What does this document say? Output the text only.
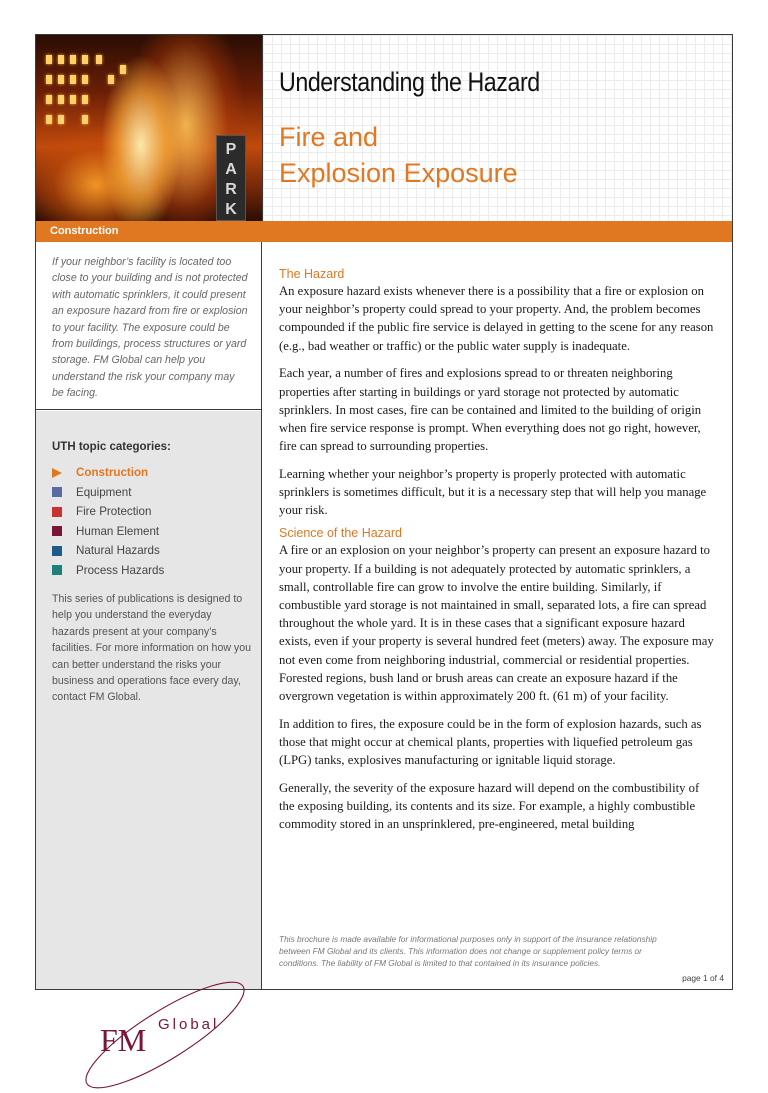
PARK
Understanding the Hazard
Fire and
Explosion Exposure
Construction
If your neighbor’s facility is located too close to your building and is not protected with automatic sprinklers, it could present an exposure hazard from fire or explosion to your facility. The exposure could be from buildings, process structures or yard storage. FM Global can help you understand the risk your company may be facing.
UTH topic categories:
Construction
Equipment
Fire Protection
Human Element
Natural Hazards
Process Hazards
This series of publications is designed to help you understand the everyday hazards present at your company’s facilities. For more information on how you can better understand the risks your business and operations face every day, contact FM Global.
FM Global
The Hazard

An exposure hazard exists whenever there is a possibility that a fire or explosion on your neighbor’s property could spread to your property. And, the problem becomes compounded if the public fire service is delayed in getting to the scene for any reason (e.g., bad weather or traffic) or the public water supply is inadequate.

Each year, a number of fires and explosions spread to or threaten neighboring properties after starting in buildings or yard storage not protected by automatic sprinklers. In most cases, fire can be contained and limited to the building of origin when fire service response is prompt. When everything does not go right, however, fire can spread to surrounding properties.

Learning whether your neighbor’s property is properly protected with automatic sprinklers is sometimes difficult, but it is a necessary step that will help you manage your risk.

Science of the Hazard

A fire or an explosion on your neighbor’s property can present an exposure hazard to your property. If a building is not adequately protected by automatic sprinklers, a small, controllable fire can grow to involve the entire building. Similarly, if combustible yard storage is not maintained in small, separated lots, a fire can spread throughout the whole yard. It is in these cases that a significant exposure hazard exists, even if your property is several hundred feet (meters) away. The exposure may not even come from neighboring industrial, commercial or residential properties. Forested regions, bush land or brush areas can create an exposure hazard if the overgrown vegetation is within approximately 200 ft. (61 m) of your facility.

In addition to fires, the exposure could be in the form of explosion hazards, such as those that might occur at chemical plants, properties with liquefied petroleum gas (LPG) tanks, explosives manufacturing or ignitable liquid storage.

Generally, the severity of the exposure hazard will depend on the combustibility of the exposing building, its contents and its size. For example, a highly combustible commodity stored in an unsprinklered, pre-engineered, metal building

This brochure is made available for informational purposes only in support of the insurance relationship between FM Global and its clients. This information does not change or supplement policy terms or conditions. The liability of FM Global is limited to that contained in its insurance policies.
page 1 of 4
